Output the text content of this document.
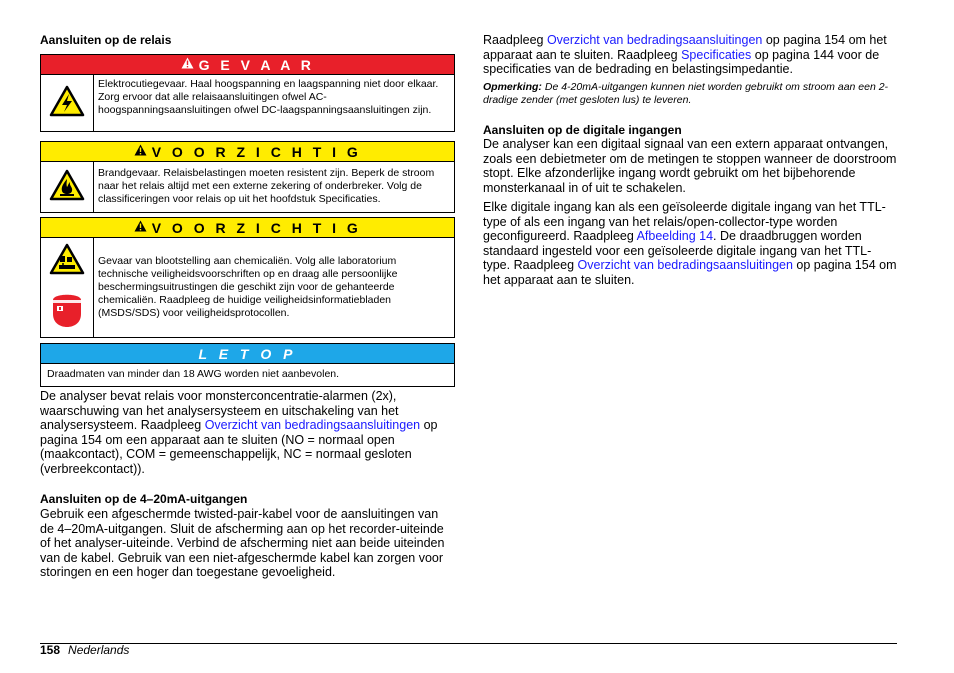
Aansluiten op de relais
G E V A A R
Elektrocutiegevaar. Haal hoogspanning en laagspanning niet door elkaar. Zorg ervoor dat alle relaisaansluitingen ofwel AC-hoogspanningsaansluitingen ofwel DC-laagspanningsaansluitingen zijn.
V O O R Z I C H T I G
Brandgevaar. Relaisbelastingen moeten resistent zijn. Beperk de stroom naar het relais altijd met een externe zekering of onderbreker. Volg de classificeringen voor relais op uit het hoofdstuk Specificaties.
V O O R Z I C H T I G
Gevaar van blootstelling aan chemicaliën. Volg alle laboratorium technische veiligheidsvoorschriften op en draag alle persoonlijke beschermingsuitrustingen die geschikt zijn voor de gehanteerde chemicaliën. Raadpleeg de huidige veiligheidsinformatiebladen (MSDS/SDS) voor veiligheidsprotocollen.
L E T O P
Draadmaten van minder dan 18 AWG worden niet aanbevolen.

De analyser bevat relais voor monsterconcentratie-alarmen (2x), waarschuwing van het analysersysteem en uitschakeling van het analysersysteem. Raadpleeg Overzicht van bedradingsaansluitingen op pagina 154 om een apparaat aan te sluiten (NO = normaal open (maakcontact), COM = gemeenschappelijk, NC = normaal gesloten (verbreekcontact)).

Aansluiten op de 4–20mA-uitgangen

Gebruik een afgeschermde twisted-pair-kabel voor de aansluitingen van de 4–20mA-uitgangen. Sluit de afscherming aan op het recorder-uiteinde of het analyser-uiteinde. Verbind de afscherming niet aan beide uiteinden van de kabel. Gebruik van een niet-afgeschermde kabel kan zorgen voor storingen en een hoger dan toegestane gevoeligheid.

Raadpleeg Overzicht van bedradingsaansluitingen op pagina 154 om het apparaat aan te sluiten. Raadpleeg Specificaties op pagina 144 voor de specificaties van de bedrading en belastingsimpedantie.

Opmerking: De 4-20mA-uitgangen kunnen niet worden gebruikt om stroom aan een 2-dradige zender (met gesloten lus) te leveren.

Aansluiten op de digitale ingangen

De analyser kan een digitaal signaal van een extern apparaat ontvangen, zoals een debietmeter om de metingen te stoppen wanneer de doorstroom stopt. Elke afzonderlijke ingang wordt gebruikt om het bijbehorende monsterkanaal in of uit te schakelen.

Elke digitale ingang kan als een geïsoleerde digitale ingang van het TTL-type of als een ingang van het relais/open-collector-type worden geconfigureerd. Raadpleeg Afbeelding 14. De draadbruggen worden standaard ingesteld voor een geïsoleerde digitale ingang van het TTL-type. Raadpleeg Overzicht van bedradingsaansluitingen op pagina 154 om het apparaat aan te sluiten.

158 Nederlands
